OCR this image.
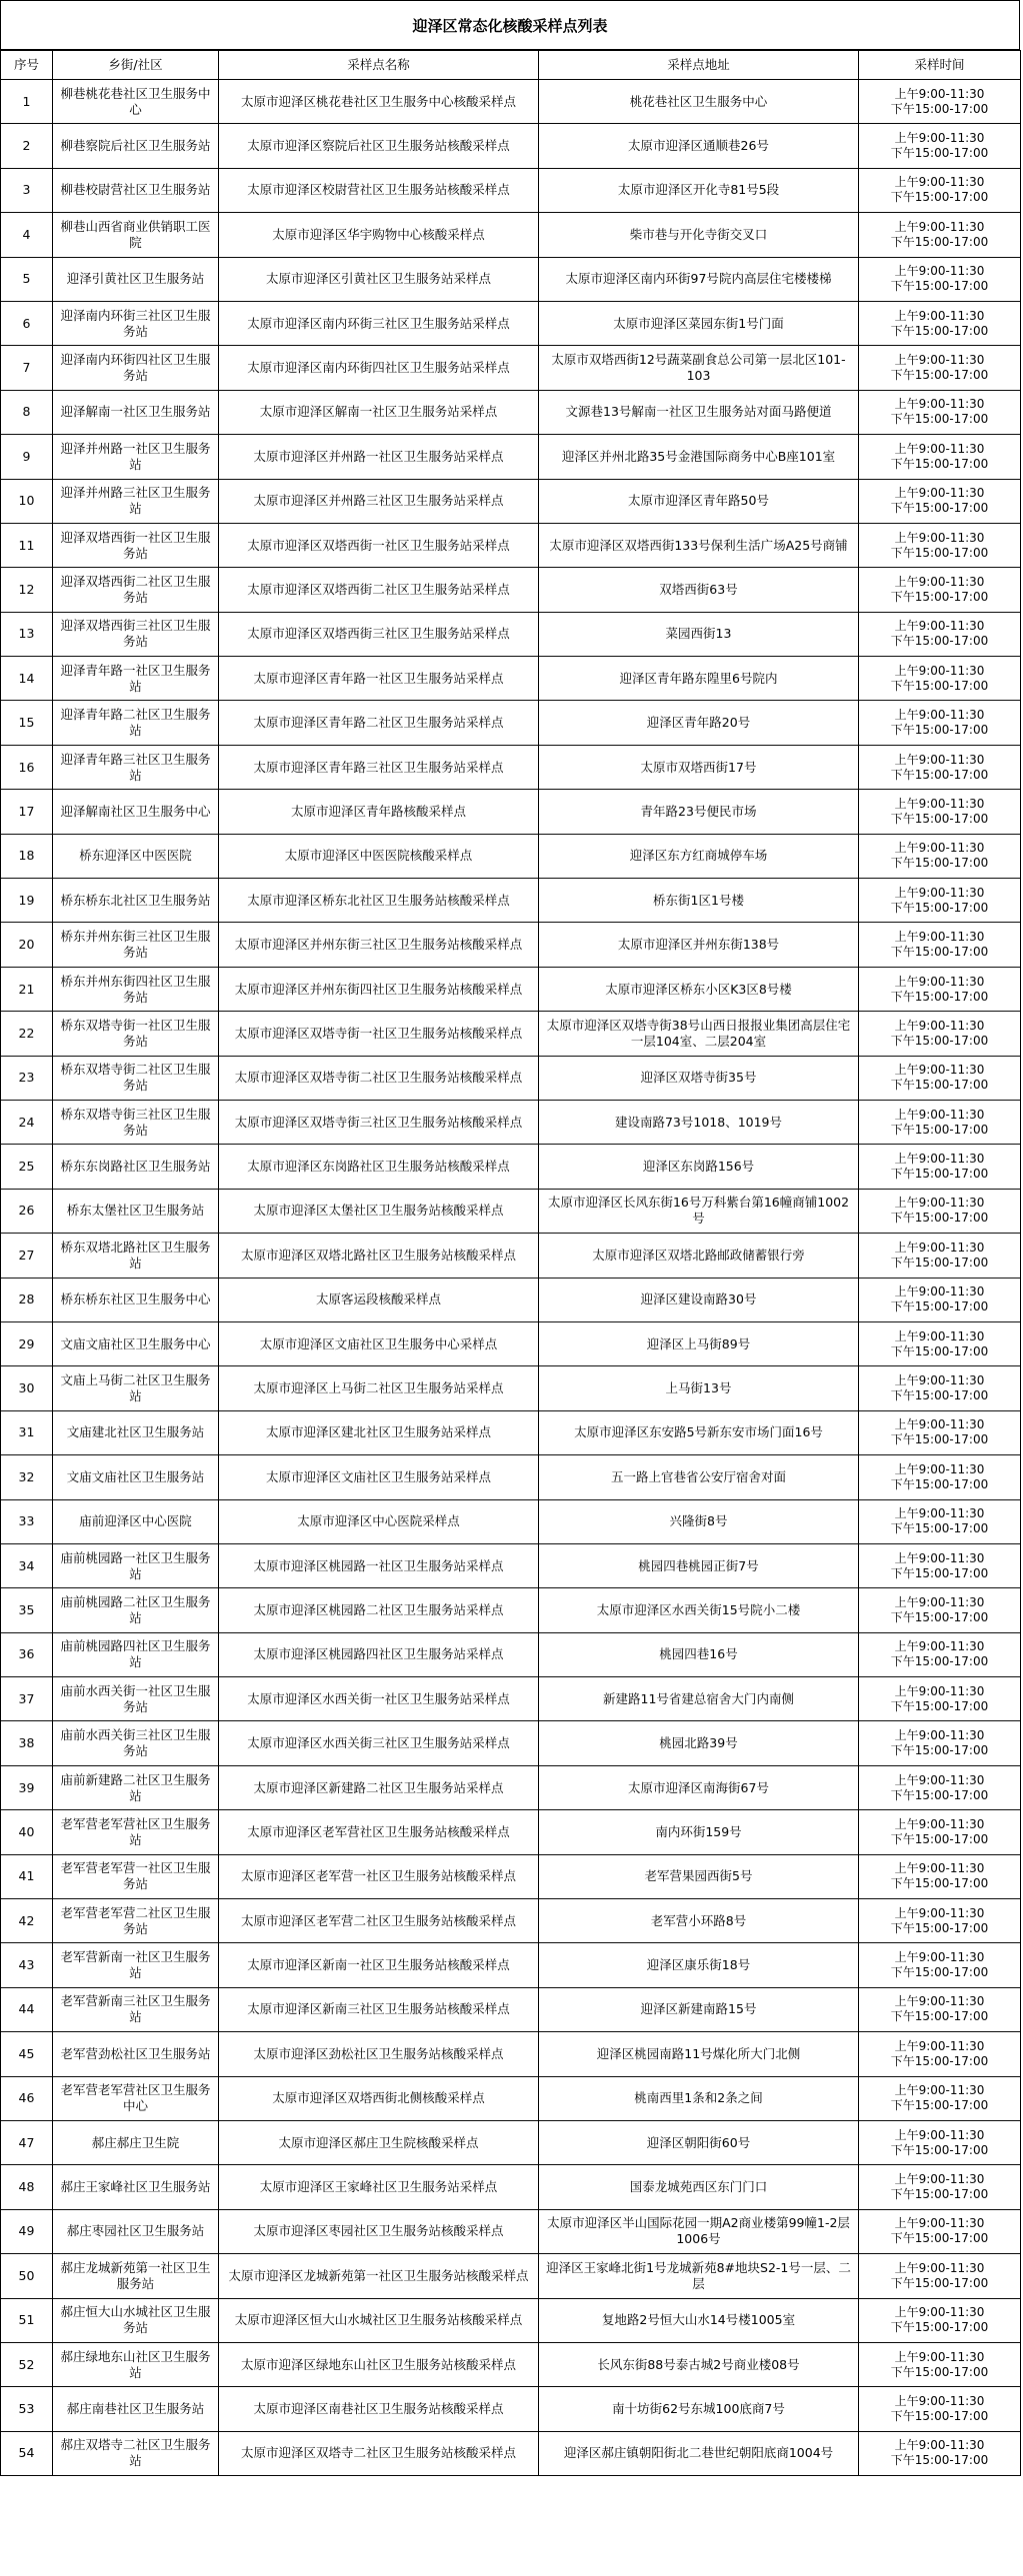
迎泽区常态化核酸采样点列表
序号	乡街/社区	采样点名称	采样点地址	采样时间
1	柳巷桃花巷社区卫生服务中心	太原市迎泽区桃花巷社区卫生服务中心核酸采样点	桃花巷社区卫生服务中心	上午9:00-11:30
下午15:00-17:00

2	柳巷察院后社区卫生服务站	太原市迎泽区察院后社区卫生服务站核酸采样点	太原市迎泽区通顺巷26号	上午9:00-11:30
下午15:00-17:00

3	柳巷校尉营社区卫生服务站	太原市迎泽区校尉营社区卫生服务站核酸采样点	太原市迎泽区开化寺81号5段	上午9:00-11:30
下午15:00-17:00

4	柳巷山西省商业供销职工医院	太原市迎泽区华宇购物中心核酸采样点	柴市巷与开化寺街交叉口	上午9:00-11:30
下午15:00-17:00

5	迎泽引黄社区卫生服务站	太原市迎泽区引黄社区卫生服务站采样点	太原市迎泽区南内环街97号院内高层住宅楼楼梯	上午9:00-11:30
下午15:00-17:00

6	迎泽南内环街三社区卫生服务站	太原市迎泽区南内环街三社区卫生服务站采样点	太原市迎泽区菜园东街1号门面	上午9:00-11:30
下午15:00-17:00

7	迎泽南内环街四社区卫生服务站	太原市迎泽区南内环街四社区卫生服务站采样点	太原市双塔西街12号蔬菜副食总公司第一层北区101-103	上午9:00-11:30
下午15:00-17:00

8	迎泽解南一社区卫生服务站	太原市迎泽区解南一社区卫生服务站采样点	文源巷13号解南一社区卫生服务站对面马路便道	上午9:00-11:30
下午15:00-17:00

9	迎泽并州路一社区卫生服务站	太原市迎泽区并州路一社区卫生服务站采样点	迎泽区并州北路35号金港国际商务中心B座101室	上午9:00-11:30
下午15:00-17:00

10	迎泽并州路三社区卫生服务站	太原市迎泽区并州路三社区卫生服务站采样点	太原市迎泽区青年路50号	上午9:00-11:30
下午15:00-17:00

11	迎泽双塔西街一社区卫生服务站	太原市迎泽区双塔西街一社区卫生服务站采样点	太原市迎泽区双塔西街133号保利生活广场A25号商铺	上午9:00-11:30
下午15:00-17:00

12	迎泽双塔西街二社区卫生服务站	太原市迎泽区双塔西街二社区卫生服务站采样点	双塔西街63号	上午9:00-11:30
下午15:00-17:00

13	迎泽双塔西街三社区卫生服务站	太原市迎泽区双塔西街三社区卫生服务站采样点	菜园西街13	上午9:00-11:30
下午15:00-17:00

14	迎泽青年路一社区卫生服务站	太原市迎泽区青年路一社区卫生服务站采样点	迎泽区青年路东隍里6号院内	上午9:00-11:30
下午15:00-17:00

15	迎泽青年路二社区卫生服务站	太原市迎泽区青年路二社区卫生服务站采样点	迎泽区青年路20号	上午9:00-11:30
下午15:00-17:00

16	迎泽青年路三社区卫生服务站	太原市迎泽区青年路三社区卫生服务站采样点	太原市双塔西街17号	上午9:00-11:30
下午15:00-17:00

17	迎泽解南社区卫生服务中心	太原市迎泽区青年路核酸采样点	青年路23号便民市场	上午9:00-11:30
下午15:00-17:00

18	桥东迎泽区中医医院	太原市迎泽区中医医院核酸采样点	迎泽区东方红商城停车场	上午9:00-11:30
下午15:00-17:00

19	桥东桥东北社区卫生服务站	太原市迎泽区桥东北社区卫生服务站核酸采样点	桥东街1区1号楼	上午9:00-11:30
下午15:00-17:00

20	桥东并州东街三社区卫生服务站	太原市迎泽区并州东街三社区卫生服务站核酸采样点	太原市迎泽区并州东街138号	上午9:00-11:30
下午15:00-17:00

21	桥东并州东街四社区卫生服务站	太原市迎泽区并州东街四社区卫生服务站核酸采样点	太原市迎泽区桥东小区K3区8号楼	上午9:00-11:30
下午15:00-17:00

22	桥东双塔寺街一社区卫生服务站	太原市迎泽区双塔寺街一社区卫生服务站核酸采样点	太原市迎泽区双塔寺街38号山西日报报业集团高层住宅一层104室、二层204室	上午9:00-11:30
下午15:00-17:00

23	桥东双塔寺街二社区卫生服务站	太原市迎泽区双塔寺街二社区卫生服务站核酸采样点	迎泽区双塔寺街35号	上午9:00-11:30
下午15:00-17:00

24	桥东双塔寺街三社区卫生服务站	太原市迎泽区双塔寺街三社区卫生服务站核酸采样点	建设南路73号1018、1019号	上午9:00-11:30
下午15:00-17:00

25	桥东东岗路社区卫生服务站	太原市迎泽区东岗路社区卫生服务站核酸采样点	迎泽区东岗路156号	上午9:00-11:30
下午15:00-17:00

26	桥东太堡社区卫生服务站	太原市迎泽区太堡社区卫生服务站核酸采样点	太原市迎泽区长风东街16号万科紫台第16幢商铺1002号	上午9:00-11:30
下午15:00-17:00

27	桥东双塔北路社区卫生服务站	太原市迎泽区双塔北路社区卫生服务站核酸采样点	太原市迎泽区双塔北路邮政储蓄银行旁	上午9:00-11:30
下午15:00-17:00

28	桥东桥东社区卫生服务中心	太原客运段核酸采样点	迎泽区建设南路30号	上午9:00-11:30
下午15:00-17:00

29	文庙文庙社区卫生服务中心	太原市迎泽区文庙社区卫生服务中心采样点	迎泽区上马街89号	上午9:00-11:30
下午15:00-17:00

30	文庙上马街二社区卫生服务站	太原市迎泽区上马街二社区卫生服务站采样点	上马街13号	上午9:00-11:30
下午15:00-17:00

31	文庙建北社区卫生服务站	太原市迎泽区建北社区卫生服务站采样点	太原市迎泽区东安路5号新东安市场门面16号	上午9:00-11:30
下午15:00-17:00

32	文庙文庙社区卫生服务站	太原市迎泽区文庙社区卫生服务站采样点	五一路上官巷省公安厅宿舍对面	上午9:00-11:30
下午15:00-17:00

33	庙前迎泽区中心医院	太原市迎泽区中心医院采样点	兴隆街8号	上午9:00-11:30
下午15:00-17:00

34	庙前桃园路一社区卫生服务站	太原市迎泽区桃园路一社区卫生服务站采样点	桃园四巷桃园正街7号	上午9:00-11:30
下午15:00-17:00

35	庙前桃园路二社区卫生服务站	太原市迎泽区桃园路二社区卫生服务站采样点	太原市迎泽区水西关街15号院小二楼	上午9:00-11:30
下午15:00-17:00

36	庙前桃园路四社区卫生服务站	太原市迎泽区桃园路四社区卫生服务站采样点	桃园四巷16号	上午9:00-11:30
下午15:00-17:00

37	庙前水西关街一社区卫生服务站	太原市迎泽区水西关街一社区卫生服务站采样点	新建路11号省建总宿舍大门内南侧	上午9:00-11:30
下午15:00-17:00

38	庙前水西关街三社区卫生服务站	太原市迎泽区水西关街三社区卫生服务站采样点	桃园北路39号	上午9:00-11:30
下午15:00-17:00

39	庙前新建路二社区卫生服务站	太原市迎泽区新建路二社区卫生服务站采样点	太原市迎泽区南海街67号	上午9:00-11:30
下午15:00-17:00

40	老军营老军营社区卫生服务站	太原市迎泽区老军营社区卫生服务站核酸采样点	南内环街159号	上午9:00-11:30
下午15:00-17:00

41	老军营老军营一社区卫生服务站	太原市迎泽区老军营一社区卫生服务站核酸采样点	老军营果园西街5号	上午9:00-11:30
下午15:00-17:00

42	老军营老军营二社区卫生服务站	太原市迎泽区老军营二社区卫生服务站核酸采样点	老军营小环路8号	上午9:00-11:30
下午15:00-17:00

43	老军营新南一社区卫生服务站	太原市迎泽区新南一社区卫生服务站核酸采样点	迎泽区康乐街18号	上午9:00-11:30
下午15:00-17:00

44	老军营新南三社区卫生服务站	太原市迎泽区新南三社区卫生服务站核酸采样点	迎泽区新建南路15号	上午9:00-11:30
下午15:00-17:00

45	老军营劲松社区卫生服务站	太原市迎泽区劲松社区卫生服务站核酸采样点	迎泽区桃园南路11号煤化所大门北侧	上午9:00-11:30
下午15:00-17:00

46	老军营老军营社区卫生服务中心	太原市迎泽区双塔西街北侧核酸采样点	桃南西里1条和2条之间	上午9:00-11:30
下午15:00-17:00

47	郝庄郝庄卫生院	太原市迎泽区郝庄卫生院核酸采样点	迎泽区朝阳街60号	上午9:00-11:30
下午15:00-17:00

48	郝庄王家峰社区卫生服务站	太原市迎泽区王家峰社区卫生服务站采样点	国泰龙城苑西区东门门口	上午9:00-11:30
下午15:00-17:00

49	郝庄枣园社区卫生服务站	太原市迎泽区枣园社区卫生服务站核酸采样点	太原市迎泽区半山国际花园一期A2商业楼第99幢1-2层1006号	上午9:00-11:30
下午15:00-17:00

50	郝庄龙城新苑第一社区卫生服务站	太原市迎泽区龙城新苑第一社区卫生服务站核酸采样点	迎泽区王家峰北街1号龙城新苑8#地块S2-1号一层、二层	上午9:00-11:30
下午15:00-17:00

51	郝庄恒大山水城社区卫生服务站	太原市迎泽区恒大山水城社区卫生服务站核酸采样点	复地路2号恒大山水14号楼1005室	上午9:00-11:30
下午15:00-17:00

52	郝庄绿地东山社区卫生服务站	太原市迎泽区绿地东山社区卫生服务站核酸采样点	长风东街88号泰古城2号商业楼08号	上午9:00-11:30
下午15:00-17:00

53	郝庄南巷社区卫生服务站	太原市迎泽区南巷社区卫生服务站核酸采样点	南十坊街62号东城100底商7号	上午9:00-11:30
下午15:00-17:00

54	郝庄双塔寺二社区卫生服务站	太原市迎泽区双塔寺二社区卫生服务站核酸采样点	迎泽区郝庄镇朝阳街北二巷世纪朝阳底商1004号	上午9:00-11:30
下午15:00-17:00
